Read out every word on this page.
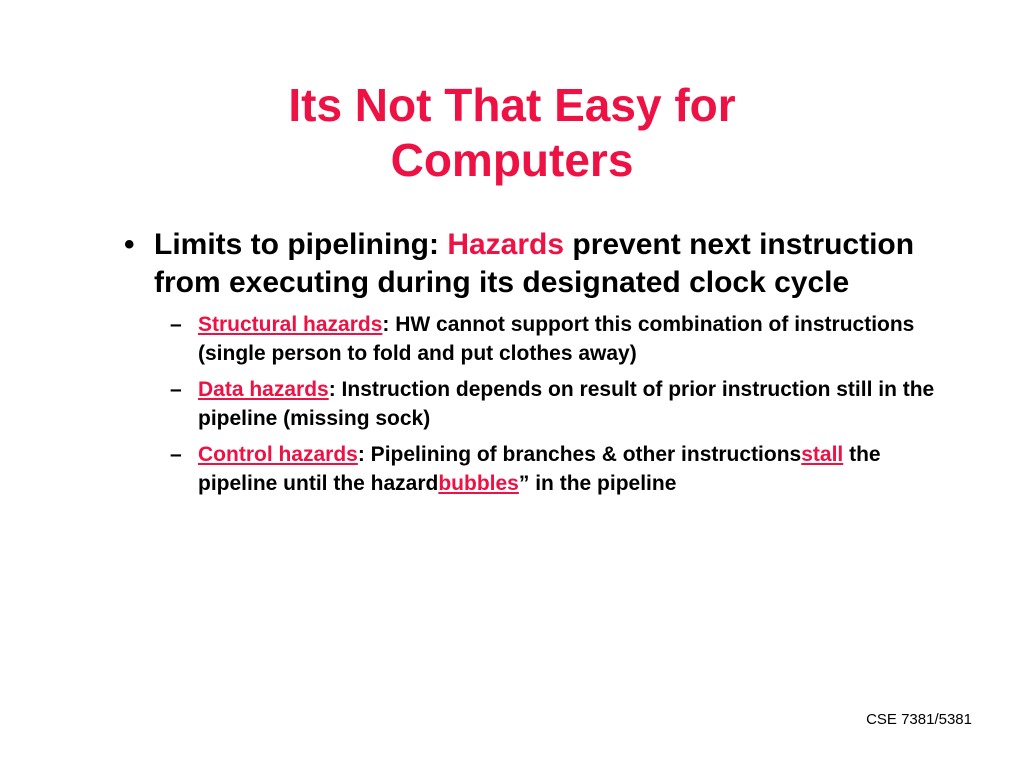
Its Not That Easy for
Computers
• Limits to pipelining: Hazards prevent next instruction from executing during its designated clock cycle
– Structural hazards: HW cannot support this combination of instructions (single person to fold and put clothes away)
– Data hazards: Instruction depends on result of prior instruction still in the pipeline (missing sock)
– Control hazards: Pipelining of branches & other instructionsstall the pipeline until the hazardbubbles” in the pipeline
CSE 7381/5381
